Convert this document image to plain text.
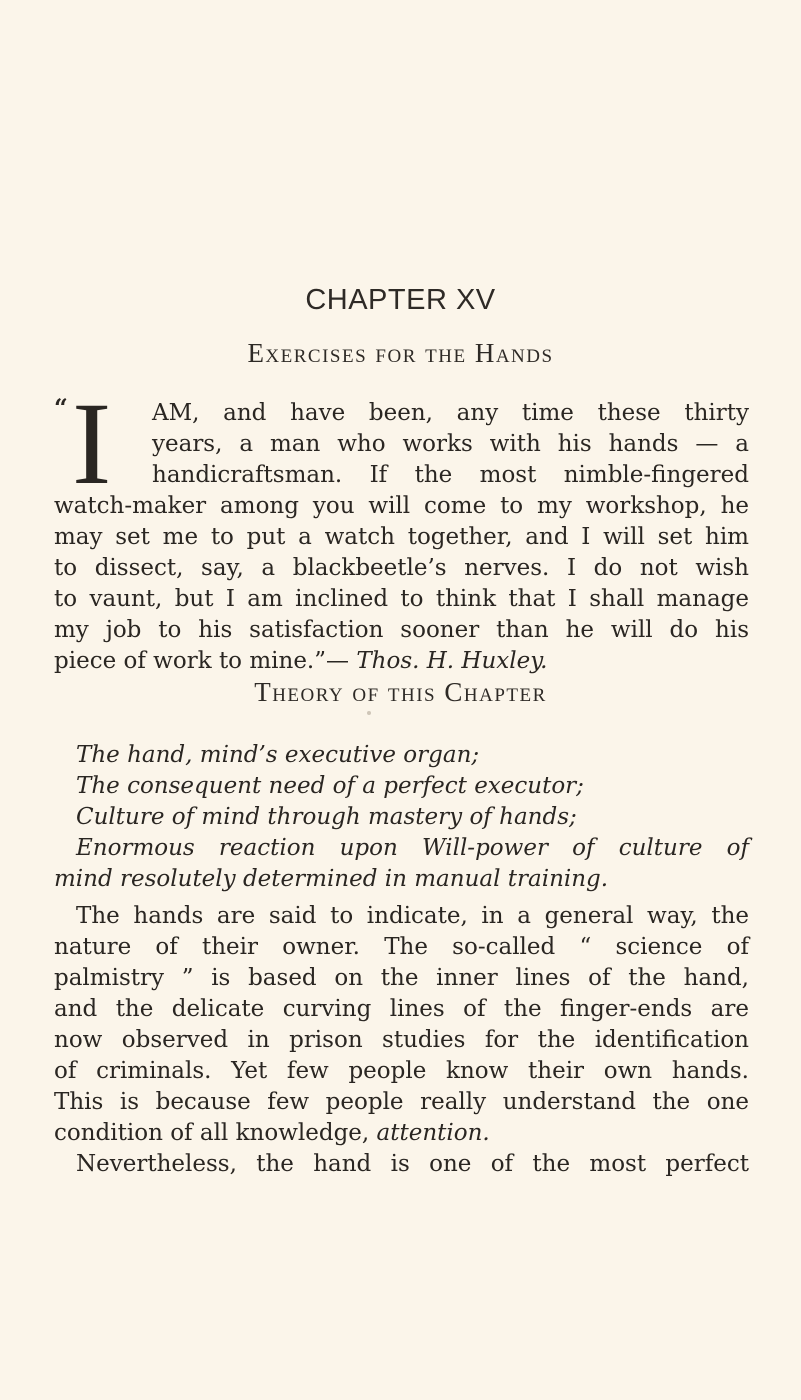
CHAPTER XV
Exercises for the Hands
“ I AM, and have been, any time these thirty
years, a man who works with his hands — a
handicraftsman. If the most nimble-fingered
watch-maker among you will come to my workshop, he
may set me to put a watch together, and I will set him
to dissect, say, a blackbeetle’s nerves. I do not wish
to vaunt, but I am inclined to think that I shall manage
my job to his satisfaction sooner than he will do his
piece of work to mine.”— Thos. H. Huxley.
Theory of this Chapter
The hand, mind’s executive organ;
The consequent need of a perfect executor;
Culture of mind through mastery of hands;
Enormous reaction upon Will-power of culture of
mind resolutely determined in manual training.
The hands are said to indicate, in a general way, the
nature of their owner. The so-called “ science of
palmistry ” is based on the inner lines of the hand,
and the delicate curving lines of the finger-ends are
now observed in prison studies for the identification
of criminals. Yet few people know their own hands.
This is because few people really understand the one
condition of all knowledge, attention.
Nevertheless, the hand is one of the most perfect
